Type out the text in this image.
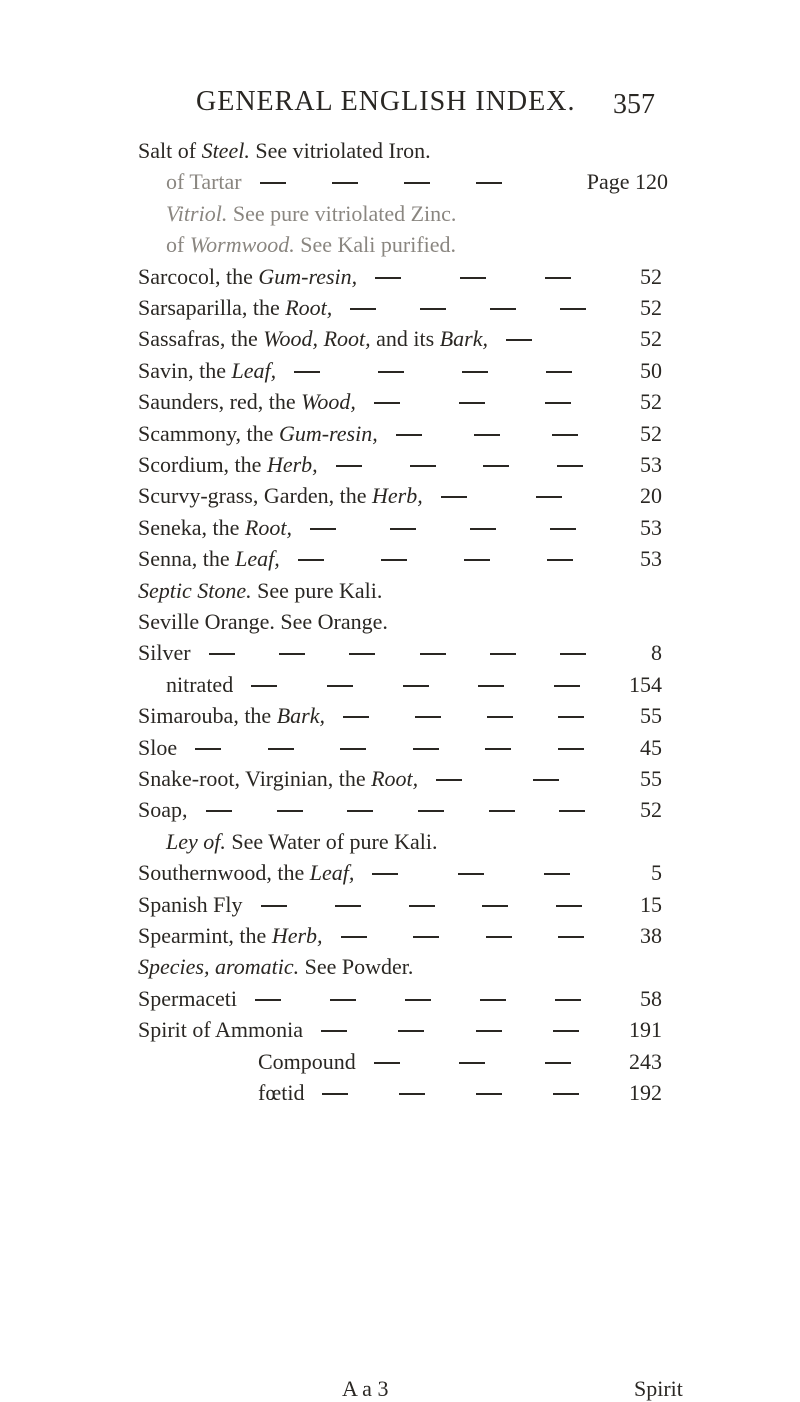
GENERAL ENGLISH INDEX.	357
Salt of Steel. See vitriolated Iron.
of Tartar	Page 120
Vitriol. See pure vitriolated Zinc.
of Wormwood. See Kali purified.
Sarcocol, the Gum-resin,	52
Sarsaparilla, the Root,	52
Sassafras, the Wood, Root, and its Bark,	52
Savin, the Leaf,	50
Saunders, red, the Wood,	52
Scammony, the Gum-resin,	52
Scordium, the Herb,	53
Scurvy-grass, Garden, the Herb,	20
Seneka, the Root,	53
Senna, the Leaf,	53
Septic Stone. See pure Kali.
Seville Orange. See Orange.
Silver	8
nitrated	154
Simarouba, the Bark,	55
Sloe	45
Snake-root, Virginian, the Root,	55
Soap,	52
Ley of. See Water of pure Kali.
Southernwood, the Leaf,	5
Spanish Fly	15
Spearmint, the Herb,	38
Species, aromatic. See Powder.
Spermaceti	58
Spirit of Ammonia	191
Compound	243
fœtid	192
A a 3	Spirit
